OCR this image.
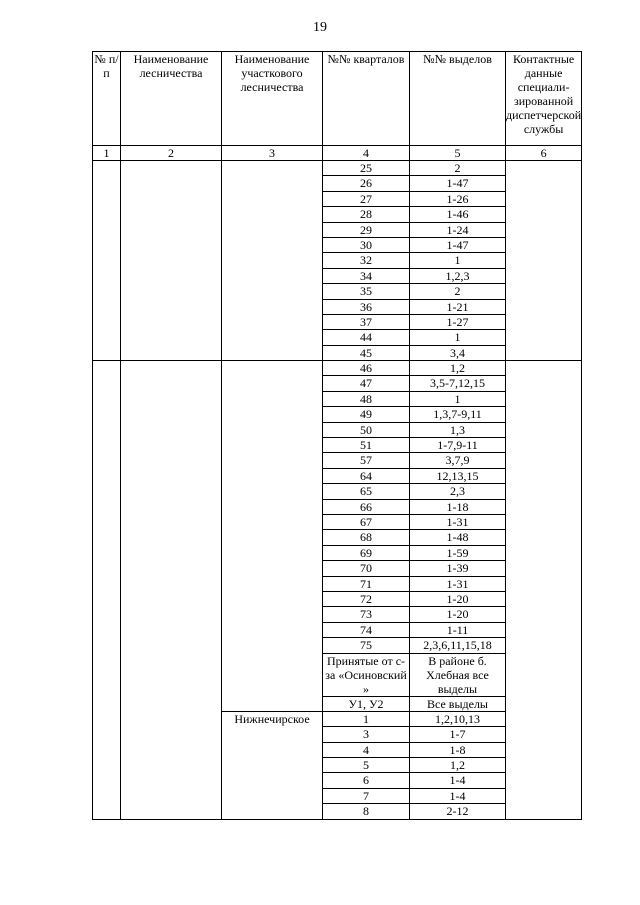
19
№ п/п	Наименование лесничества	Наименование участкового лесничества	№№ кварталов	№№ выделов	Контактные данные специали-зированной диспетчерской службы
1	2	3	4	5	6
			25	2	
			26	1-47	
			27	1-26	
			28	1-46	
			29	1-24	
			30	1-47	
			32	1	
			34	1,2,3	
			35	2	
			36	1-21	
			37	1-27	
			44	1	
			45	3,4	
			46	1,2	
			47	3,5-7,12,15	
			48	1	
			49	1,3,7-9,11	
			50	1,3	
			51	1-7,9-11	
			57	3,7,9	
			64	12,13,15	
			65	2,3	
			66	1-18	
			67	1-31	
			68	1-48	
			69	1-59	
			70	1-39	
			71	1-31	
			72	1-20	
			73	1-20	
			74	1-11	
			75	2,3,6,11,15,18	
			Принятые от с-за «Осиновский »	В районе б. Хлебная все выделы	
			У1, У2	Все выделы	
		Нижнечирское	1	1,2,10,13	
			3	1-7	
			4	1-8	
			5	1,2	
			6	1-4	
			7	1-4	
			8	2-12	
